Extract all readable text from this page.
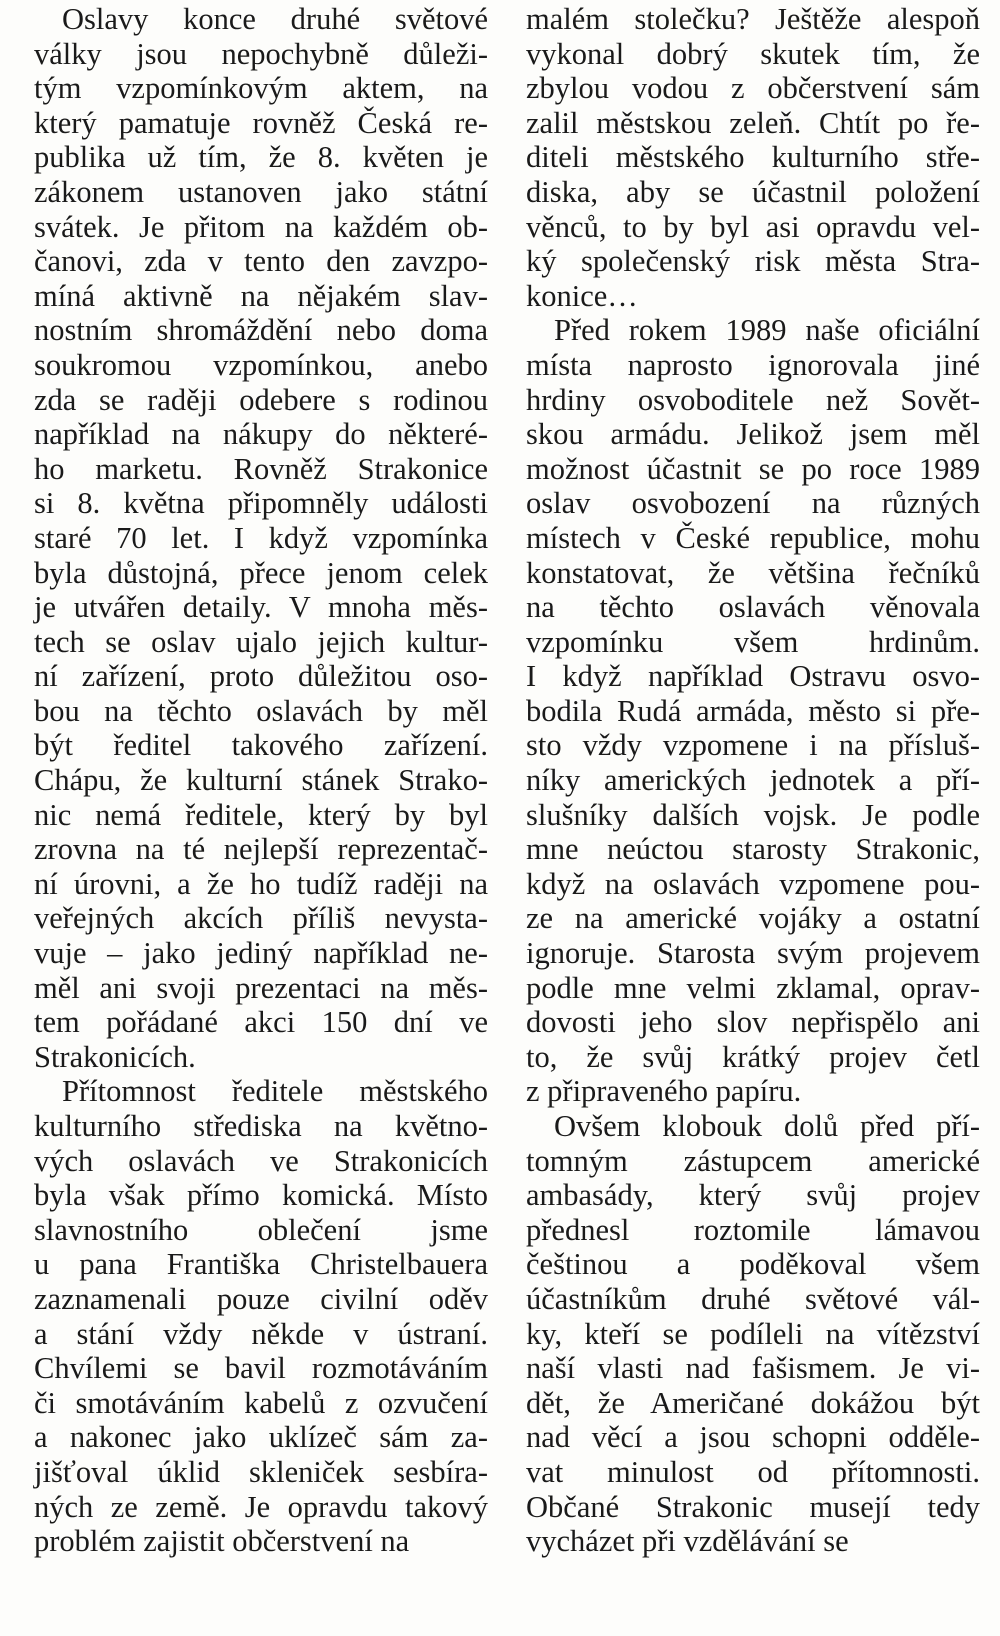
Oslavy konce druhé světové
války jsou nepochybně důleži-
tým vzpomínkovým aktem, na
který pamatuje rovněž Česká re-
publika už tím, že 8. květen je
zákonem ustanoven jako státní
svátek. Je přitom na každém ob-
čanovi, zda v tento den zavzpo-
míná aktivně na nějakém slav-
nostním shromáždění nebo doma
soukromou vzpomínkou, anebo
zda se raději odebere s rodinou
například na nákupy do některé-
ho marketu. Rovněž Strakonice
si 8. května připomněly události
staré 70 let. I když vzpomínka
byla důstojná, přece jenom celek
je utvářen detaily. V mnoha měs-
tech se oslav ujalo jejich kultur-
ní zařízení, proto důležitou oso-
bou na těchto oslavách by měl
být ředitel takového zařízení.
Chápu, že kulturní stánek Strako-
nic nemá ředitele, který by byl
zrovna na té nejlepší reprezentač-
ní úrovni, a že ho tudíž raději na
veřejných akcích příliš nevysta-
vuje – jako jediný například ne-
měl ani svoji prezentaci na měs-
tem pořádané akci 150 dní ve
Strakonicích.
Přítomnost ředitele městského
kulturního střediska na květno-
vých oslavách ve Strakonicích
byla však přímo komická. Místo
slavnostního oblečení jsme
u pana Františka Christelbauera
zaznamenali pouze civilní oděv
a stání vždy někde v ústraní.
Chvílemi se bavil rozmotáváním
či smotáváním kabelů z ozvučení
a nakonec jako uklízeč sám za-
jišťoval úklid skleniček sesbíra-
ných ze země. Je opravdu takový
problém zajistit občerstvení na
malém stolečku? Ještěže alespoň
vykonal dobrý skutek tím, že
zbylou vodou z občerstvení sám
zalil městskou zeleň. Chtít po ře-
diteli městského kulturního stře-
diska, aby se účastnil položení
věnců, to by byl asi opravdu vel-
ký společenský risk města Stra-
konice…
Před rokem 1989 naše oficiální
místa naprosto ignorovala jiné
hrdiny osvoboditele než Sovět-
skou armádu. Jelikož jsem měl
možnost účastnit se po roce 1989
oslav osvobození na různých
místech v České republice, mohu
konstatovat, že většina řečníků
na těchto oslavách věnovala
vzpomínku všem hrdinům.
I když například Ostravu osvo-
bodila Rudá armáda, město si pře-
sto vždy vzpomene i na přísluš-
níky amerických jednotek a pří-
slušníky dalších vojsk. Je podle
mne neúctou starosty Strakonic,
když na oslavách vzpomene pou-
ze na americké vojáky a ostatní
ignoruje. Starosta svým projevem
podle mne velmi zklamal, oprav-
dovosti jeho slov nepřispělo ani
to, že svůj krátký projev četl
z připraveného papíru.
Ovšem klobouk dolů před pří-
tomným zástupcem americké
ambasády, který svůj projev
přednesl roztomile lámavou
češtinou a poděkoval všem
účastníkům druhé světové vál-
ky, kteří se podíleli na vítězství
naší vlasti nad fašismem. Je vi-
dět, že Američané dokážou být
nad věcí a jsou schopni odděle-
vat minulost od přítomnosti.
Občané Strakonic musejí tedy
vycházet při vzdělávání se
